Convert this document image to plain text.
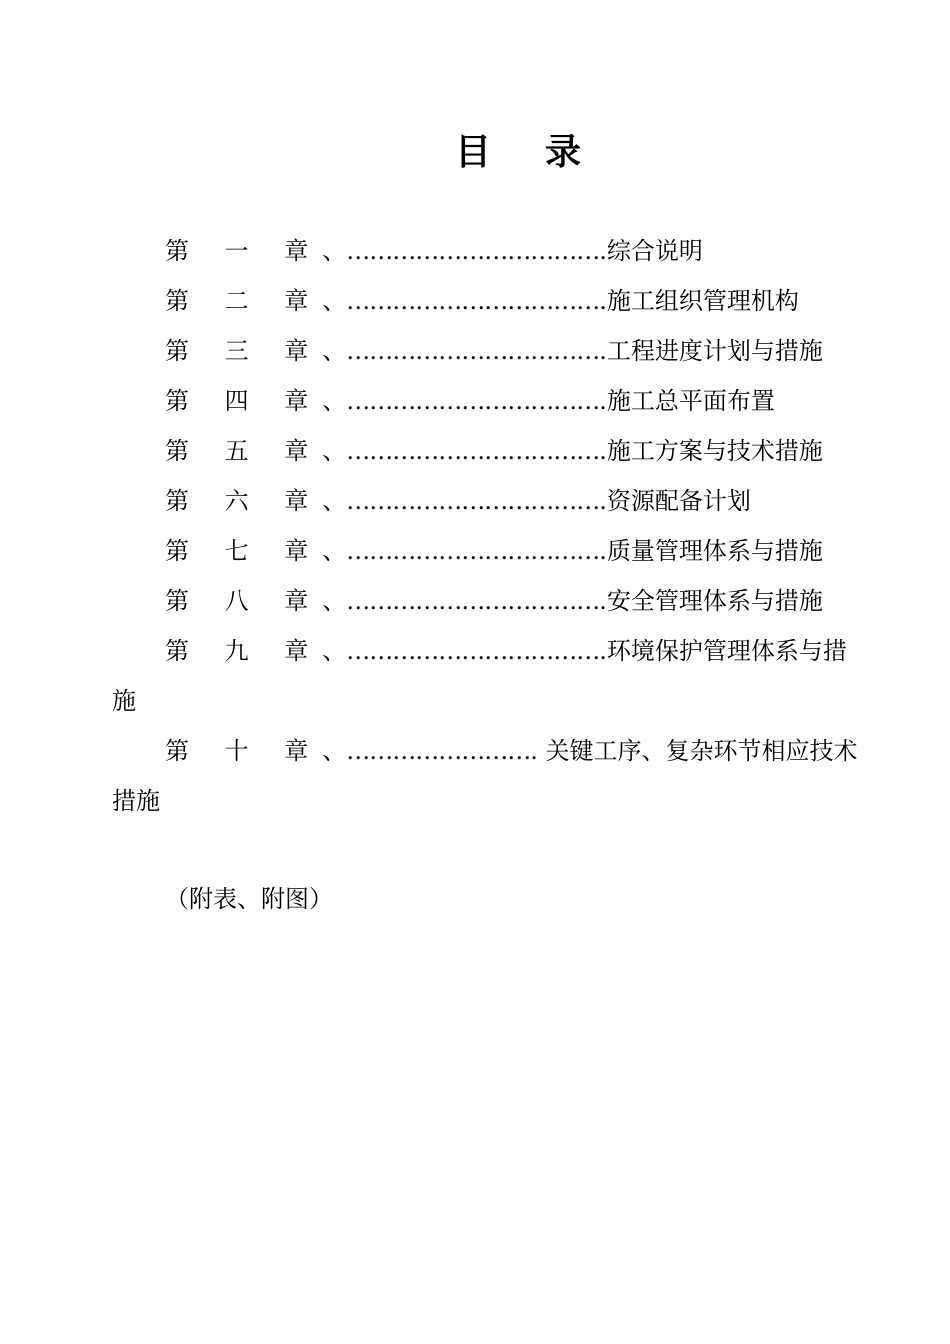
目 录
第 一 章、…………………………….综合说明
第 二 章、…………………………….施工组织管理机构
第 三 章、…………………………….工程进度计划与措施
第 四 章、…………………………….施工总平面布置
第 五 章、…………………………….施工方案与技术措施
第 六 章、…………………………….资源配备计划
第 七 章、…………………………….质量管理体系与措施
第 八 章、…………………………….安全管理体系与措施
第 九 章、…………………………….环境保护管理体系与措
施
第 十 章、……………………. 关键工序、复杂环节相应技术
措施
（附表、附图）
